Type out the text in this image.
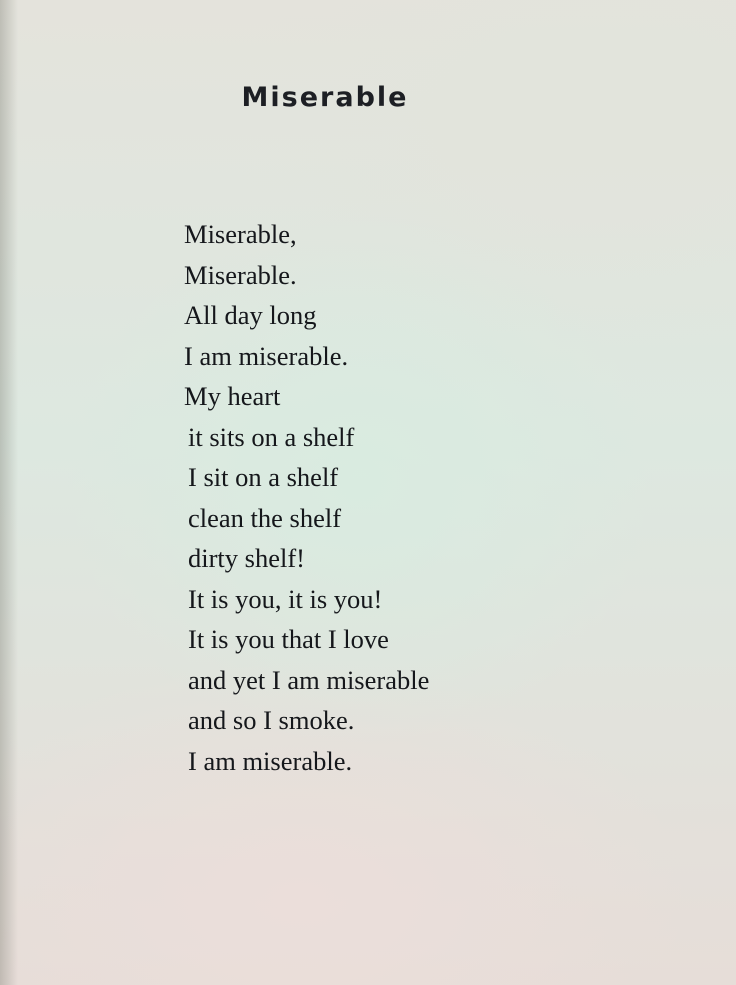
Miserable
Miserable,
Miserable.
All day long
I am miserable.
My heart
it sits on a shelf
I sit on a shelf
clean the shelf
dirty shelf!
It is you, it is you!
It is you that I love
and yet I am miserable
and so I smoke.
I am miserable.
